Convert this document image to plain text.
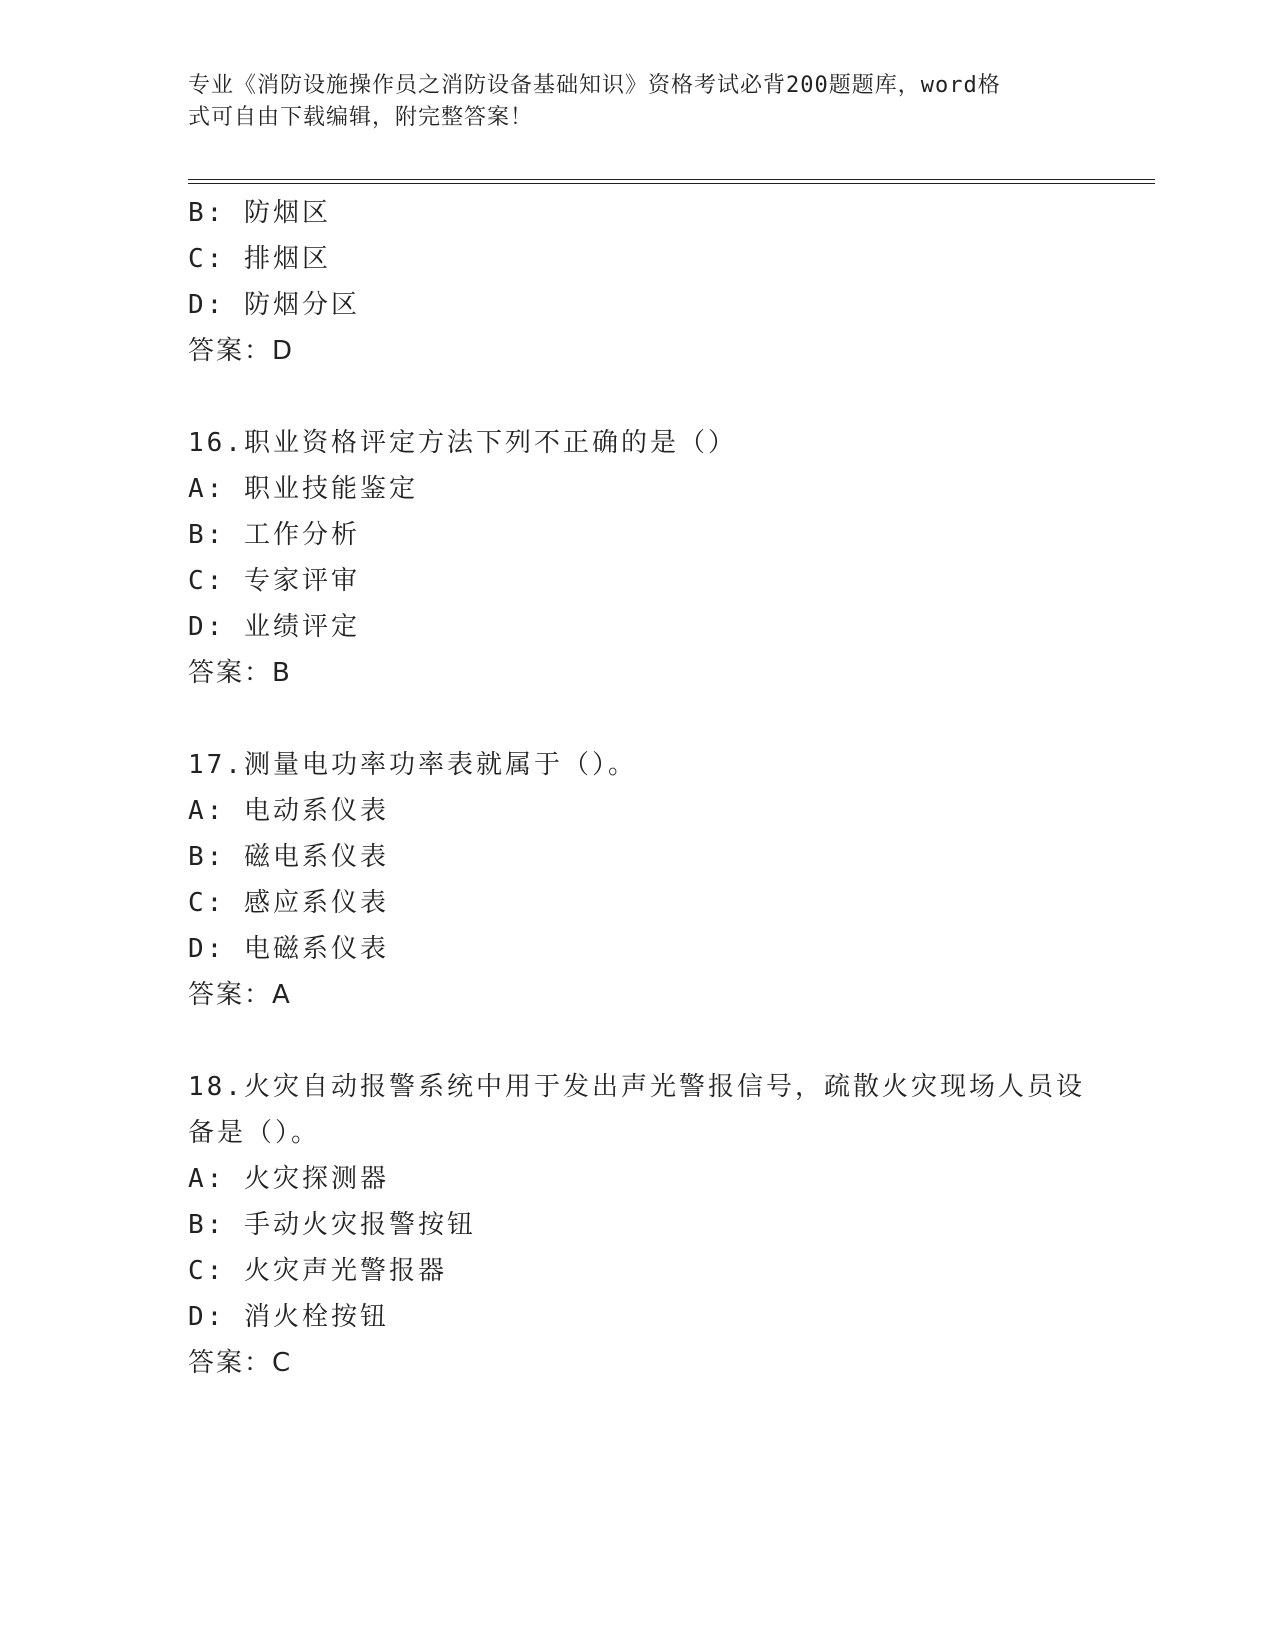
专业《消防设施操作员之消防设备基础知识》资格考试必背200题题库，word格
式可自由下载编辑，附完整答案！
B: 防烟区
C: 排烟区
D: 防烟分区
答案：D
16.职业资格评定方法下列不正确的是（）
A: 职业技能鉴定
B: 工作分析
C: 专家评审
D: 业绩评定
答案：B
17.测量电功率功率表就属于（）。
A: 电动系仪表
B: 磁电系仪表
C: 感应系仪表
D: 电磁系仪表
答案：A
18.火灾自动报警系统中用于发出声光警报信号，疏散火灾现场人员设
备是（）。
A: 火灾探测器
B: 手动火灾报警按钮
C: 火灾声光警报器
D: 消火栓按钮
答案：C
